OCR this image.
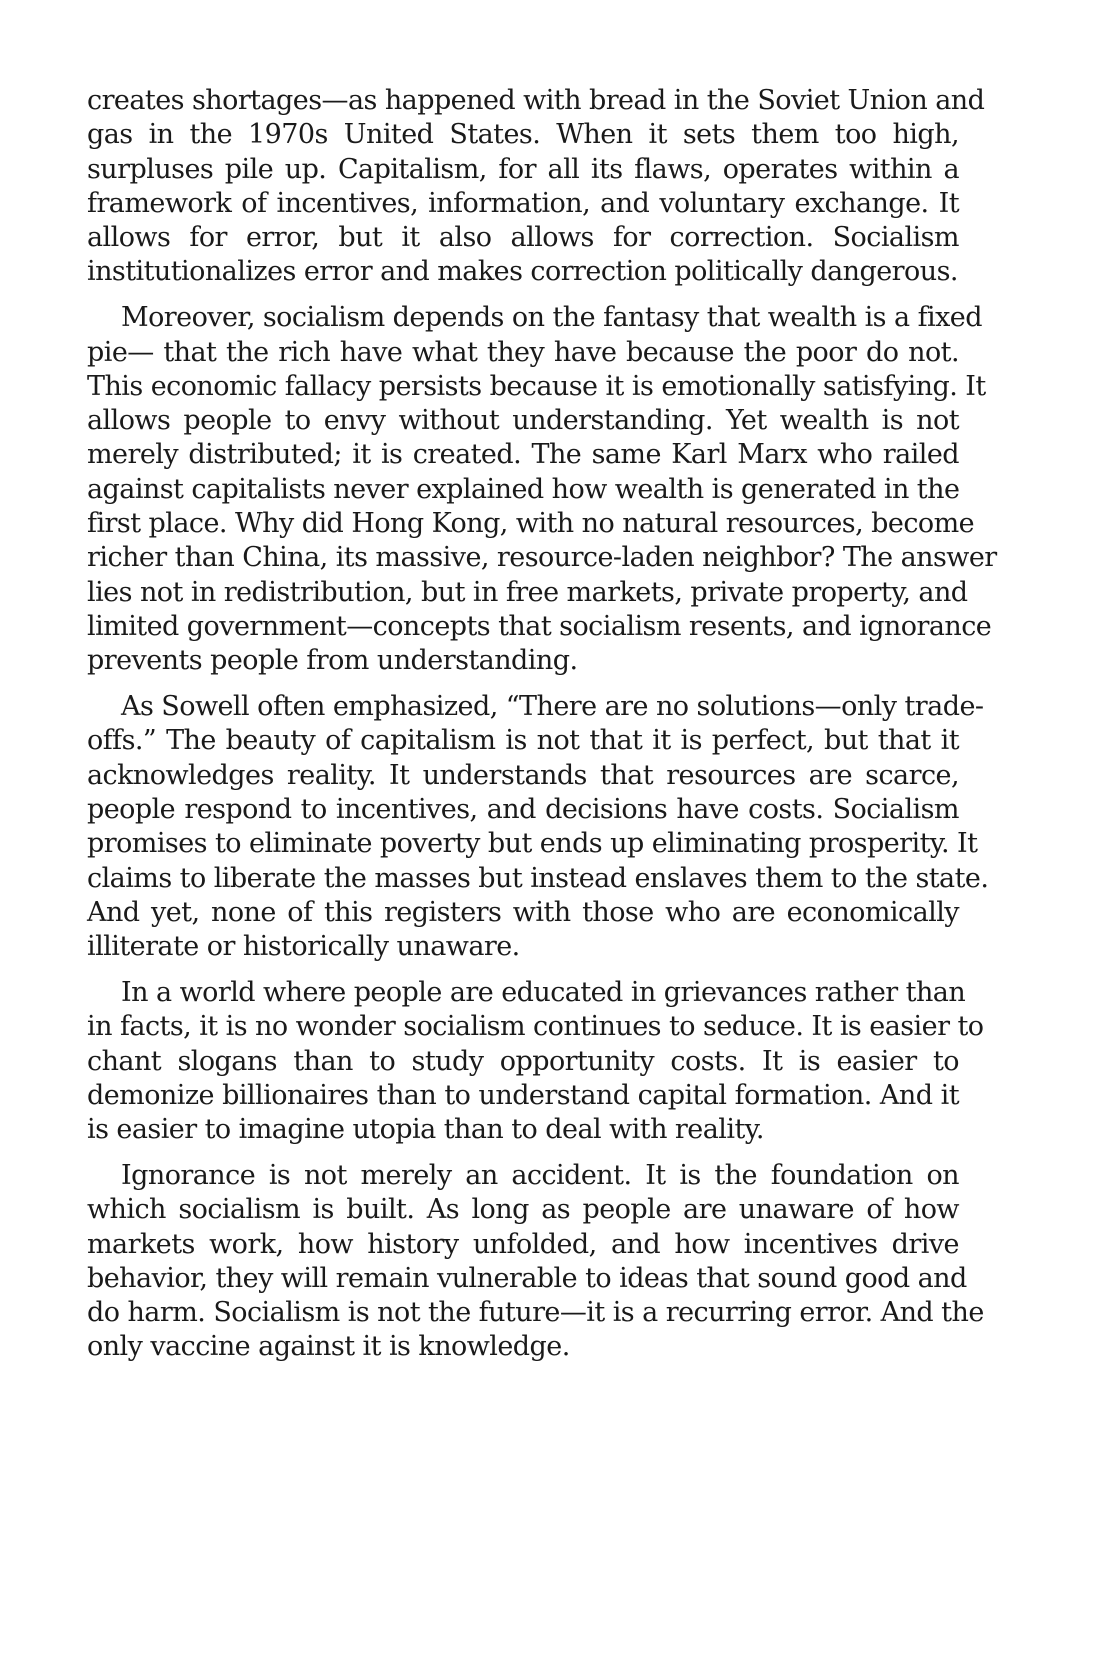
creates shortages—as happened with bread in the Soviet Union and
gas in the 1970s United States. When it sets them too high,
surpluses pile up. Capitalism, for all its flaws, operates within a
framework of incentives, information, and voluntary exchange. It
allows for error, but it also allows for correction. Socialism
institutionalizes error and makes correction politically dangerous.

Moreover, socialism depends on the fantasy that wealth is a fixed
pie— that the rich have what they have because the poor do not.
This economic fallacy persists because it is emotionally satisfying. It
allows people to envy without understanding. Yet wealth is not
merely distributed; it is created. The same Karl Marx who railed
against capitalists never explained how wealth is generated in the
first place. Why did Hong Kong, with no natural resources, become
richer than China, its massive, resource-laden neighbor? The answer
lies not in redistribution, but in free markets, private property, and
limited government—concepts that socialism resents, and ignorance
prevents people from understanding.

As Sowell often emphasized, “There are no solutions—only trade-
offs.” The beauty of capitalism is not that it is perfect, but that it
acknowledges reality. It understands that resources are scarce,
people respond to incentives, and decisions have costs. Socialism
promises to eliminate poverty but ends up eliminating prosperity. It
claims to liberate the masses but instead enslaves them to the state.
And yet, none of this registers with those who are economically
illiterate or historically unaware.

In a world where people are educated in grievances rather than
in facts, it is no wonder socialism continues to seduce. It is easier to
chant slogans than to study opportunity costs. It is easier to
demonize billionaires than to understand capital formation. And it
is easier to imagine utopia than to deal with reality.

Ignorance is not merely an accident. It is the foundation on
which socialism is built. As long as people are unaware of how
markets work, how history unfolded, and how incentives drive
behavior, they will remain vulnerable to ideas that sound good and
do harm. Socialism is not the future—it is a recurring error. And the
only vaccine against it is knowledge.
